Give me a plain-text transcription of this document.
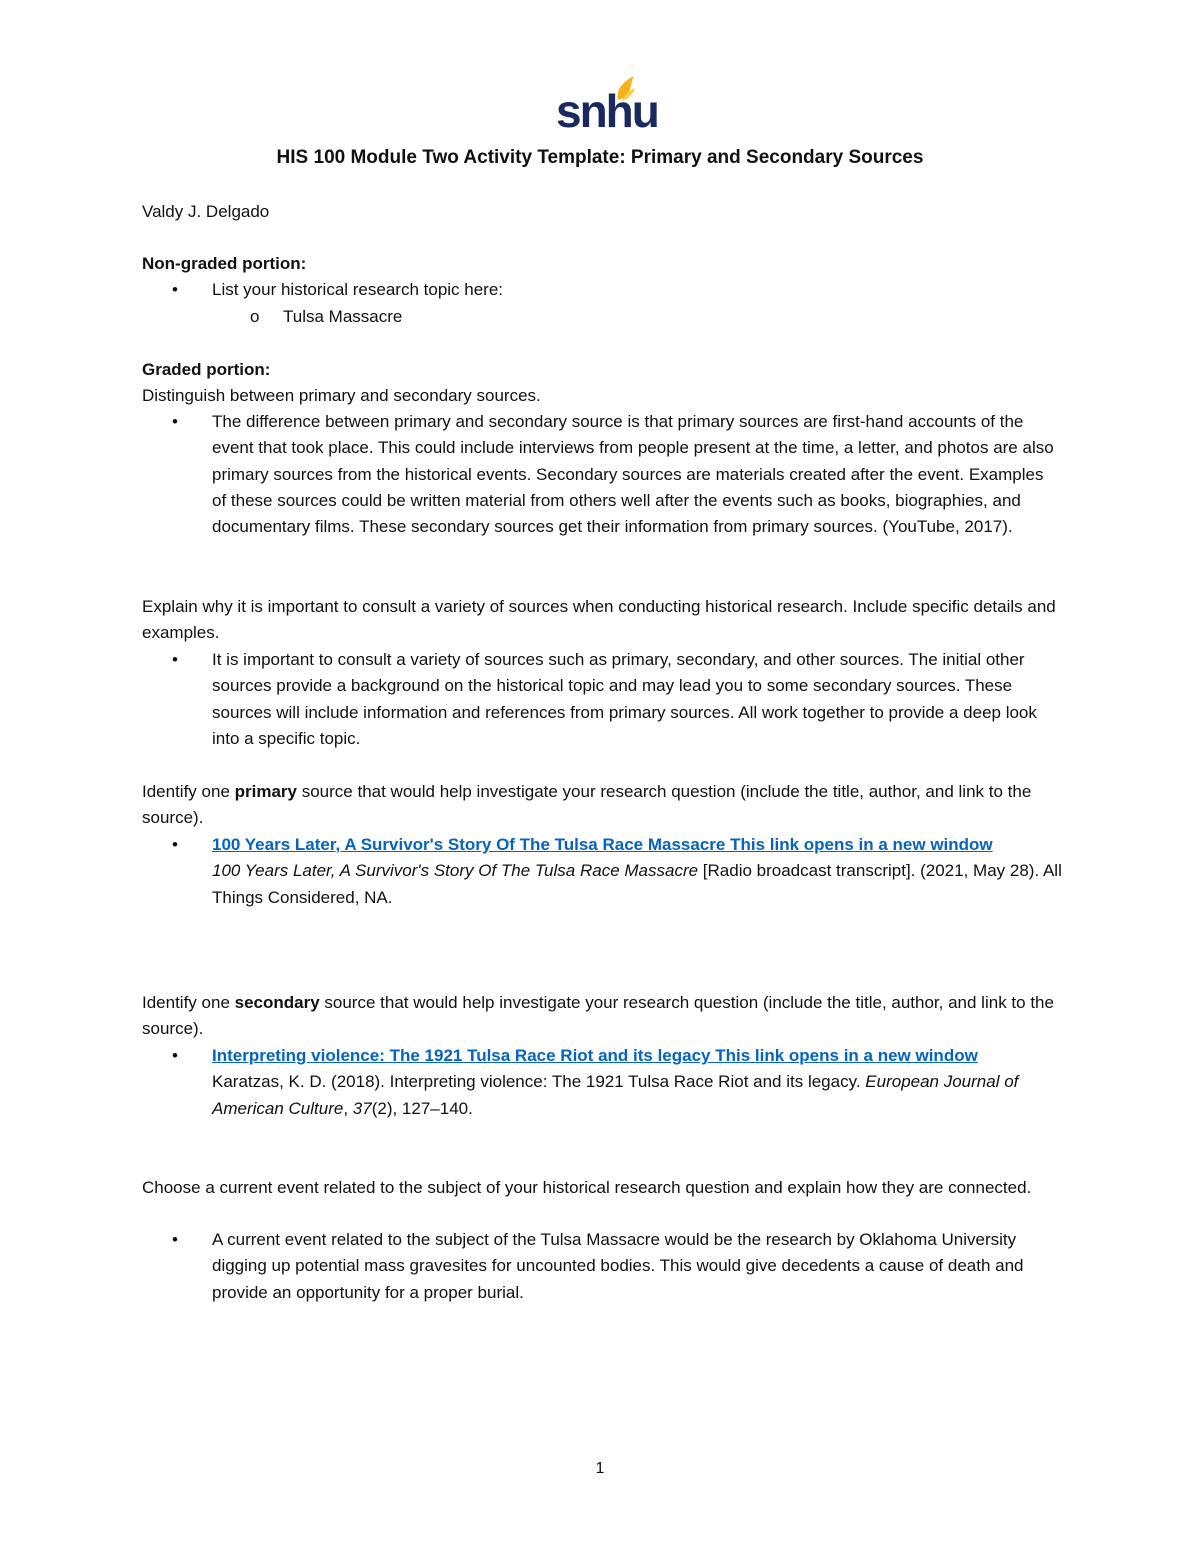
snhu
HIS 100 Module Two Activity Template: Primary and Secondary Sources
Valdy J. Delgado
Non-graded portion:
• List your historical research topic here:
o Tulsa Massacre
Graded portion:
Distinguish between primary and secondary sources.
• The difference between primary and secondary source is that primary sources are first-hand accounts of the event that took place. This could include interviews from people present at the time, a letter, and photos are also primary sources from the historical events. Secondary sources are materials created after the event. Examples of these sources could be written material from others well after the events such as books, biographies, and documentary films. These secondary sources get their information from primary sources. (YouTube, 2017).
Explain why it is important to consult a variety of sources when conducting historical research. Include specific details and examples.
• It is important to consult a variety of sources such as primary, secondary, and other sources. The initial other sources provide a background on the historical topic and may lead you to some secondary sources. These sources will include information and references from primary sources. All work together to provide a deep look into a specific topic.
Identify one primary source that would help investigate your research question (include the title, author, and link to the source).
• 100 Years Later, A Survivor's Story Of The Tulsa Race Massacre This link opens in a new window
100 Years Later, A Survivor's Story Of The Tulsa Race Massacre [Radio broadcast transcript]. (2021, May 28). All Things Considered, NA.
Identify one secondary source that would help investigate your research question (include the title, author, and link to the source).
• Interpreting violence: The 1921 Tulsa Race Riot and its legacy This link opens in a new window
Karatzas, K. D. (2018). Interpreting violence: The 1921 Tulsa Race Riot and its legacy. European Journal of American Culture, 37(2), 127–140.
Choose a current event related to the subject of your historical research question and explain how they are connected.
• A current event related to the subject of the Tulsa Massacre would be the research by Oklahoma University digging up potential mass gravesites for uncounted bodies. This would give decedents a cause of death and provide an opportunity for a proper burial.
1
